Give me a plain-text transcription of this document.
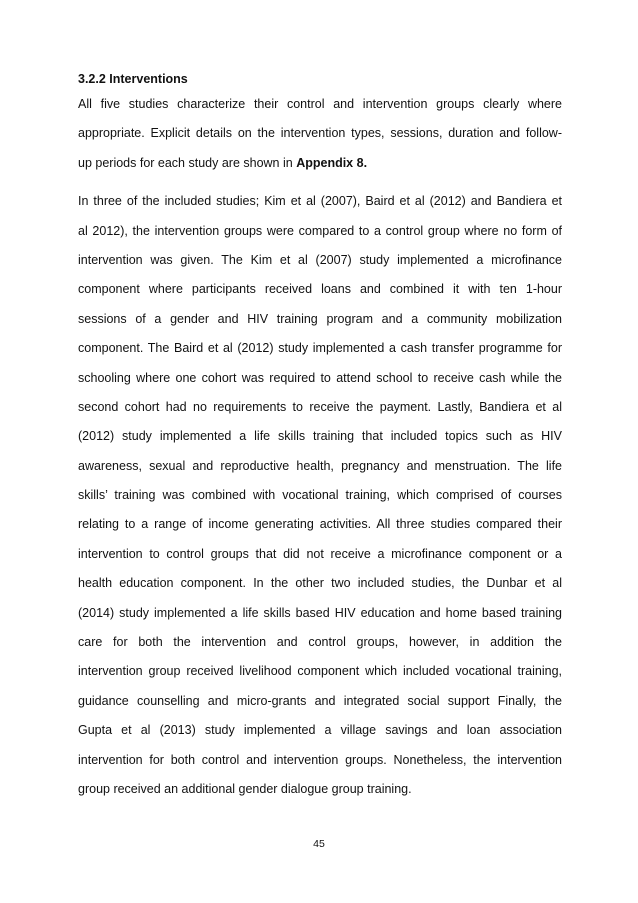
3.2.2 Interventions
All five studies characterize their control and intervention groups clearly where
appropriate. Explicit details on the intervention types, sessions, duration and follow-
up periods for each study are shown in Appendix 8.
In three of the included studies; Kim et al (2007), Baird et al (2012) and Bandiera et
al 2012), the intervention groups were compared to a control group where no form of
intervention was given. The Kim et al (2007) study implemented a microfinance
component where participants received loans and combined it with ten 1-hour
sessions of a gender and HIV training program and a community mobilization
component. The Baird et al (2012) study implemented a cash transfer programme for
schooling where one cohort was required to attend school to receive cash while the
second cohort had no requirements to receive the payment. Lastly, Bandiera et al
(2012) study implemented a life skills training that included topics such as HIV
awareness, sexual and reproductive health, pregnancy and menstruation. The life
skills’ training was combined with vocational training, which comprised of courses
relating to a range of income generating activities. All three studies compared their
intervention to control groups that did not receive a microfinance component or a
health education component. In the other two included studies, the Dunbar et al
(2014) study implemented a life skills based HIV education and home based training
care for both the intervention and control groups, however, in addition the
intervention group received livelihood component which included vocational training,
guidance counselling and micro-grants and integrated social support Finally, the
Gupta et al (2013) study implemented a village savings and loan association
intervention for both control and intervention groups. Nonetheless, the intervention
group received an additional gender dialogue group training.
45
